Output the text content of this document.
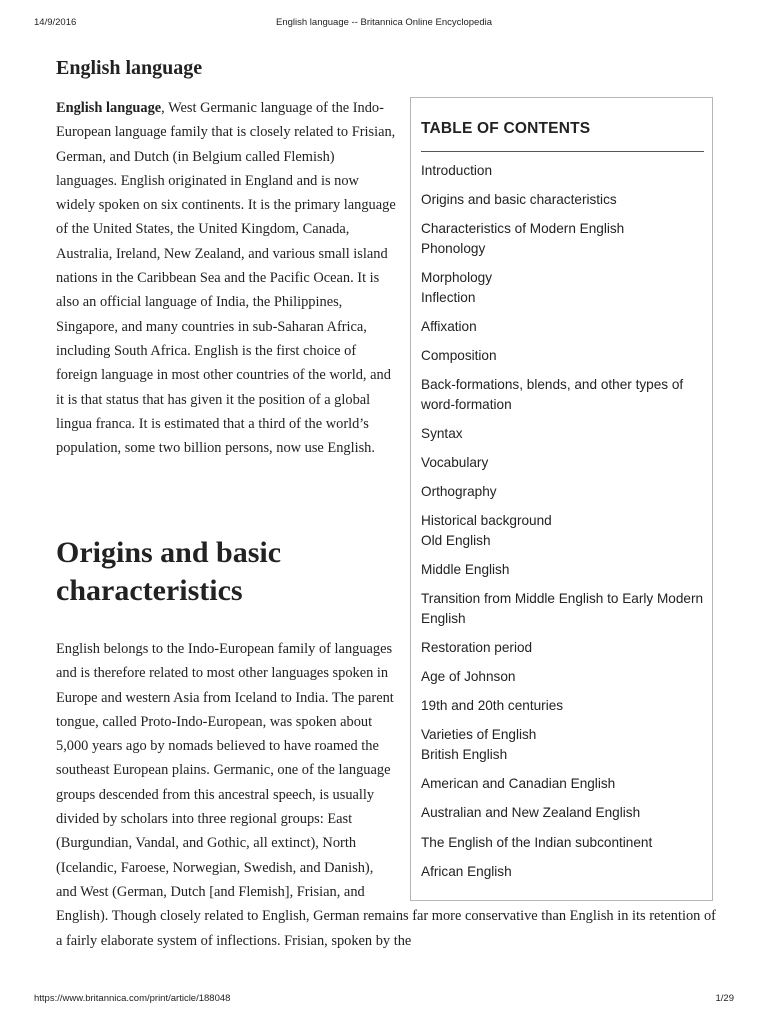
14/9/2016	English language -- Britannica Online Encyclopedia
English language

English language, West Germanic language of the Indo-European language family that is closely related to Frisian, German, and Dutch (in Belgium called Flemish) languages. English originated in England and is now widely spoken on six continents. It is the primary language of the United States, the United Kingdom, Canada, Australia, Ireland, New Zealand, and various small island nations in the Caribbean Sea and the Pacific Ocean. It is also an official language of India, the Philippines, Singapore, and many countries in sub-Saharan Africa, including South Africa. English is the first choice of foreign language in most other countries of the world, and it is that status that has given it the position of a global lingua franca. It is estimated that a third of the world’s population, some two billion persons, now use English.

Origins and basic characteristics

English belongs to the Indo-European family of languages and is therefore related to most other languages spoken in Europe and western Asia from Iceland to India. The parent tongue, called Proto-Indo-European, was spoken about 5,000 years ago by nomads believed to have roamed the southeast European plains. Germanic, one of the language groups descended from this ancestral speech, is usually divided by scholars into three regional groups: East (Burgundian, Vandal, and Gothic, all extinct), North (Icelandic, Faroese, Norwegian, Swedish, and Danish), and West (German, Dutch [and Flemish], Frisian, and English). Though closely related to English, German remains far more conservative than English in its retention of a fairly elaborate system of inflections. Frisian, spoken by the

TABLE OF CONTENTS
Introduction
Origins and basic characteristics
Characteristics of Modern English
Phonology
Morphology
Inflection
Affixation
Composition
Back-formations, blends, and other types of word-formation
Syntax
Vocabulary
Orthography
Historical background
Old English
Middle English
Transition from Middle English to Early Modern English
Restoration period
Age of Johnson
19th and 20th centuries
Varieties of English
British English
American and Canadian English
Australian and New Zealand English
The English of the Indian subcontinent
African English
https://www.britannica.com/print/article/188048	1/29
